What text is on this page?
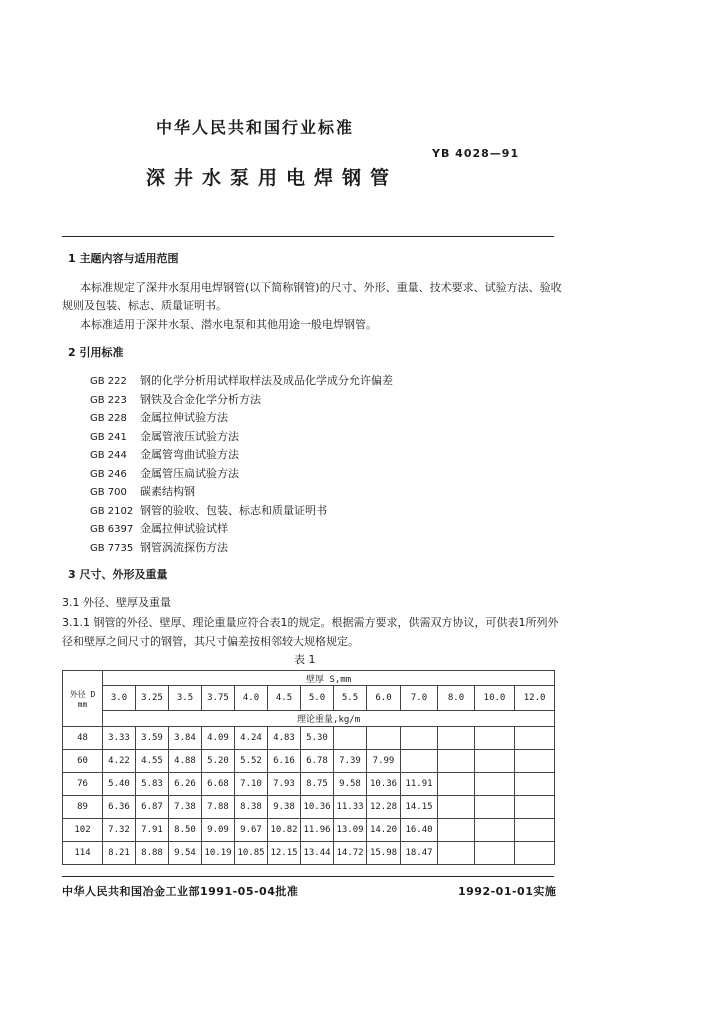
中华人民共和国行业标准
YB 4028—91
深井水泵用电焊钢管
1 主题内容与适用范围
本标准规定了深井水泵用电焊钢管(以下简称钢管)的尺寸、外形、重量、技术要求、试验方法、验收
规则及包装、标志、质量证明书。
本标准适用于深井水泵、潜水电泵和其他用途一般电焊钢管。
2 引用标准
GB 222 钢的化学分析用试样取样法及成品化学成分允许偏差
GB 223 钢铁及合金化学分析方法
GB 228 金属拉伸试验方法
GB 241 金属管液压试验方法
GB 244 金属管弯曲试验方法
GB 246 金属管压扁试验方法
GB 700 碳素结构钢
GB 2102 钢管的验收、包装、标志和质量证明书
GB 6397 金属拉伸试验试样
GB 7735 钢管涡流探伤方法
3 尺寸、外形及重量
3.1 外径、壁厚及重量
3.1.1 钢管的外径、壁厚、理论重量应符合表1的规定。根据需方要求，供需双方协议，可供表1所列外
径和壁厚之间尺寸的钢管，其尺寸偏差按相邻较大规格规定。
表 1
外径 D
mm	壁厚 S,mm												
	3.0	3.25	3.5	3.75	4.0	4.5	5.0	5.5	6.0	7.0	8.0	10.0	12.0
	理论重量,kg/m												
48	3.33	3.59	3.84	4.09	4.24	4.83	5.30						
60	4.22	4.55	4.88	5.20	5.52	6.16	6.78	7.39	7.99				
76	5.40	5.83	6.26	6.68	7.10	7.93	8.75	9.58	10.36	11.91			
89	6.36	6.87	7.38	7.88	8.38	9.38	10.36	11.33	12.28	14.15			
102	7.32	7.91	8.50	9.09	9.67	10.82	11.96	13.09	14.20	16.40			
114	8.21	8.88	9.54	10.19	10.85	12.15	13.44	14.72	15.98	18.47			
中华人民共和国冶金工业部1991-05-04批准	1992-01-01实施
